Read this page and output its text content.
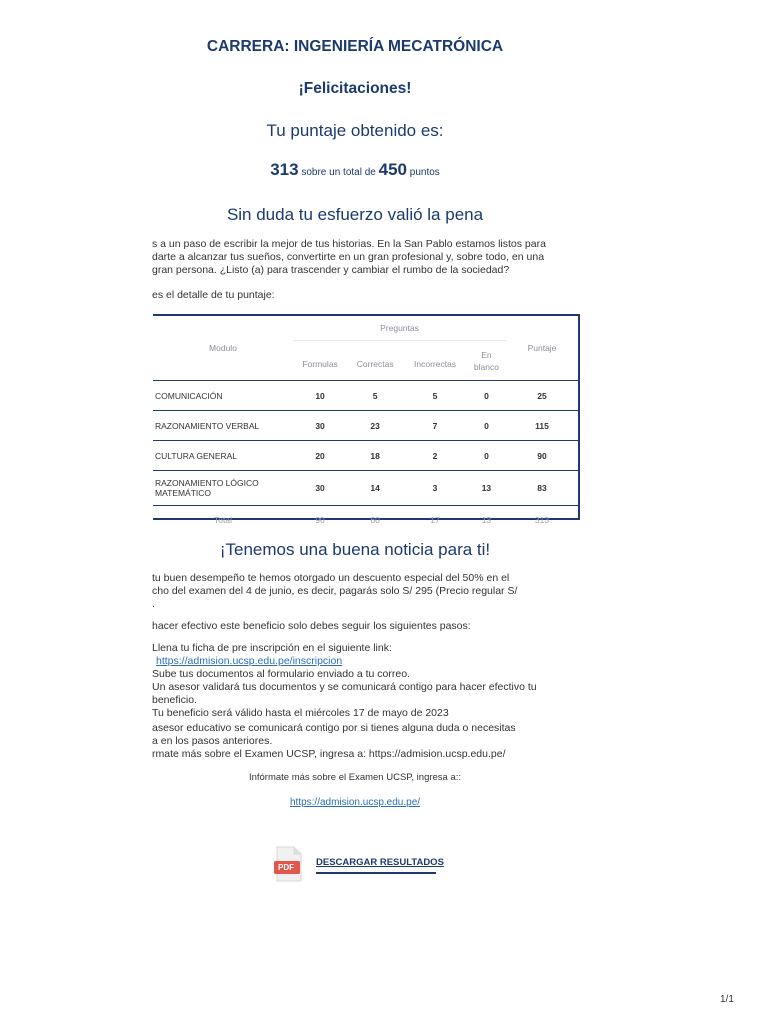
CARRERA: INGENIERÍA MECATRÓNICA
¡Felicitaciones!
Tu puntaje obtenido es:
313 sobre un total de 450 puntos
Sin duda tu esfuerzo valió la pena

s a un paso de escribir la mejor de tus historias. En la San Pablo estamos listos para

darte a alcanzar tus sueños, convertirte en un gran profesional y, sobre todo, en una

gran persona. ¿Listo (a) para trascender y cambiar el rumbo de la sociedad?

es el detalle de tu puntaje:

Modulo	Preguntas				Puntaje
	Formulas	Correctas	Incorrectas	En
blanco	
COMUNICACIÓN	10	5	5	0	25
RAZONAMIENTO VERBAL	30	23	7	0	115
CULTURA GENERAL	20	18	2	0	90
RAZONAMIENTO LÓGICO
MATEMÁTICO	30	14	3	13	83
Total	90	60	17	13	313
¡Tenemos una buena noticia para ti!

tu buen desempeño te hemos otorgado un descuento especial del 50% en el

cho del examen del 4 de junio, es decir, pagarás solo S/ 295 (Precio regular S/

.

hacer efectivo este beneficio solo debes seguir los siguientes pasos:

Llena tu ficha de pre inscripción en el siguiente link:

https://admision.ucsp.edu.pe/inscripcion

Sube tus documentos al formulario enviado a tu correo.

Un asesor validará tus documentos y se comunicará contigo para hacer efectivo tu

beneficio.

Tu beneficio será válido hasta el miércoles 17 de mayo de 2023

asesor educativo se comunicará contigo por si tienes alguna duda o necesitas

a en los pasos anteriores.

rmate más sobre el Examen UCSP, ingresa a: https://admision.ucsp.edu.pe/

Infórmate más sobre el Examen UCSP, ingresa a::
https://admision.ucsp.edu.pe/
PDF DESCARGAR RESULTADOS
1/1
